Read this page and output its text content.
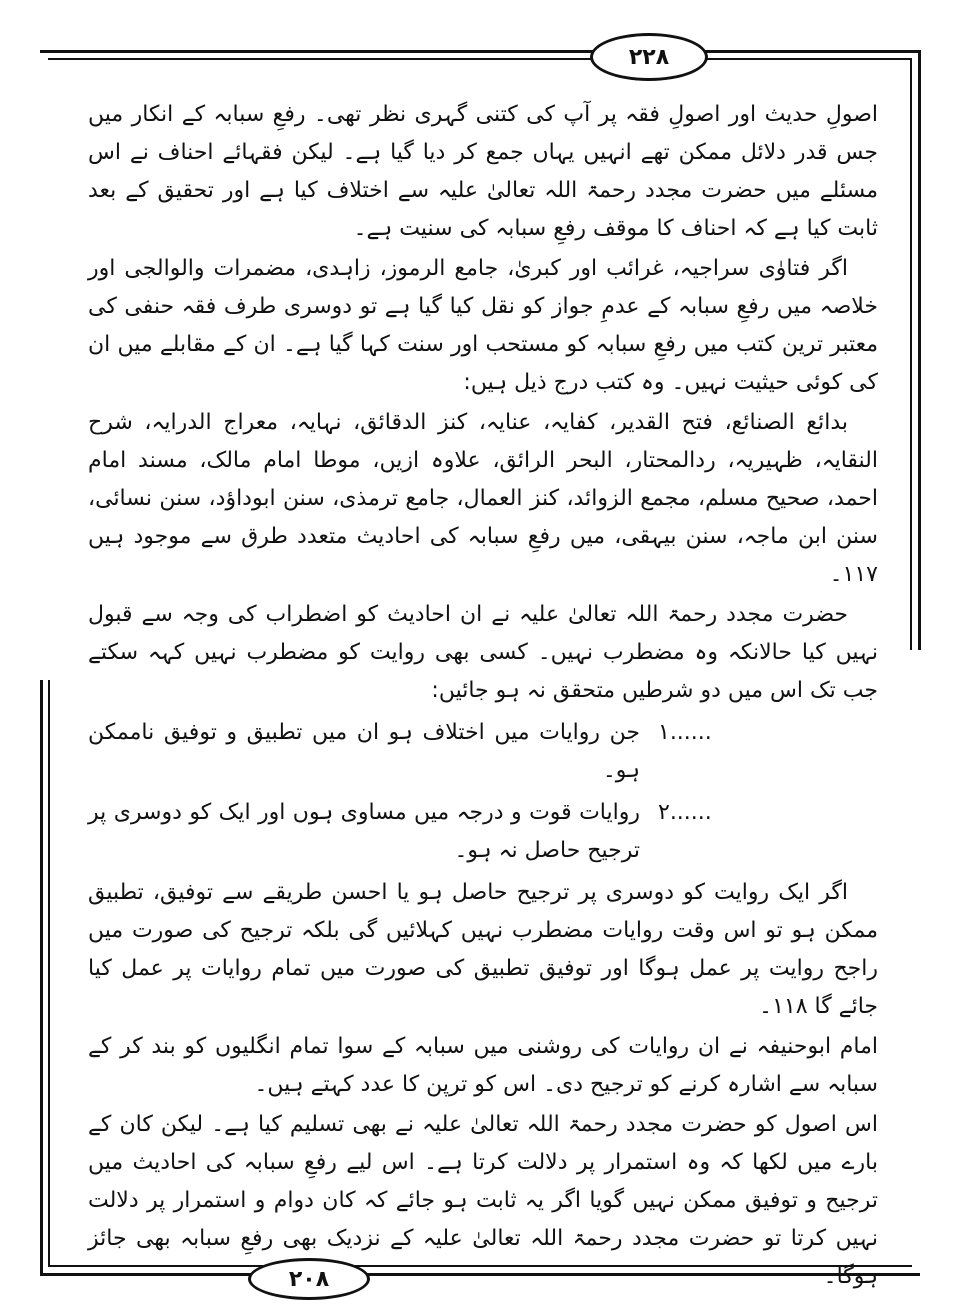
۲۲۸
۲۰۸

اصولِ حدیث اور اصولِ فقہ پر آپ کی کتنی گہری نظر تھی۔ رفعِ سبابہ کے انکار میں جس قدر دلائل ممکن تھے انہیں یہاں جمع کر دیا گیا ہے۔ لیکن فقہائے احناف نے اس مسئلے میں حضرت مجدد رحمۃ اللہ تعالیٰ علیہ سے اختلاف کیا ہے اور تحقیق کے بعد ثابت کیا ہے کہ احناف کا موقف رفعِ سبابہ کی سنیت ہے۔

اگر فتاوٰی سراجیہ، غرائب اور کبریٰ، جامع الرموز، زاہدی، مضمرات والوالجی اور خلاصہ میں رفعِ سبابہ کے عدمِ جواز کو نقل کیا گیا ہے تو دوسری طرف فقہ حنفی کی معتبر ترین کتب میں رفعِ سبابہ کو مستحب اور سنت کہا گیا ہے۔ ان کے مقابلے میں ان کی کوئی حیثیت نہیں۔ وہ کتب درج ذیل ہیں:

بدائع الصنائع، فتح القدیر، کفایہ، عنایہ، کنز الدقائق، نہایہ، معراج الدرایہ، شرح النقایہ، ظہیریہ، ردالمحتار، البحر الرائق، علاوہ ازیں، موطا امام مالک، مسند امام احمد، صحیح مسلم، مجمع الزوائد، کنز العمال، جامع ترمذی، سنن ابوداؤد، سنن نسائی، سنن ابن ماجہ، سنن بیہقی، میں رفعِ سبابہ کی احادیث متعدد طرق سے موجود ہیں ۱۱۷۔

حضرت مجدد رحمۃ اللہ تعالیٰ علیہ نے ان احادیث کو اضطراب کی وجہ سے قبول نہیں کیا حالانکہ وہ مضطرب نہیں۔ کسی بھی روایت کو مضطرب نہیں کہہ سکتے جب تک اس میں دو شرطیں متحقق نہ ہو جائیں:

۱......
جن روایات میں اختلاف ہو ان میں تطبیق و توفیق ناممکن ہو۔
۲......
روایات قوت و درجہ میں مساوی ہوں اور ایک کو دوسری پر ترجیح حاصل نہ ہو۔

اگر ایک روایت کو دوسری پر ترجیح حاصل ہو یا احسن طریقے سے توفیق، تطبیق ممکن ہو تو اس وقت روایات مضطرب نہیں کہلائیں گی بلکہ ترجیح کی صورت میں راجح روایت پر عمل ہوگا اور توفیق تطبیق کی صورت میں تمام روایات پر عمل کیا جائے گا ۱۱۸۔

امام ابوحنیفہ نے ان روایات کی روشنی میں سبابہ کے سوا تمام انگلیوں کو بند کر کے سبابہ سے اشارہ کرنے کو ترجیح دی۔ اس کو ترپن کا عدد کہتے ہیں۔

اس اصول کو حضرت مجدد رحمۃ اللہ تعالیٰ علیہ نے بھی تسلیم کیا ہے۔ لیکن کان کے بارے میں لکھا کہ وہ استمرار پر دلالت کرتا ہے۔ اس لیے رفعِ سبابہ کی احادیث میں ترجیح و توفیق ممکن نہیں گویا اگر یہ ثابت ہو جائے کہ کان دوام و استمرار پر دلالت نہیں کرتا تو حضرت مجدد رحمۃ اللہ تعالیٰ علیہ کے نزدیک بھی رفعِ سبابہ بھی جائز ہوگا۔
